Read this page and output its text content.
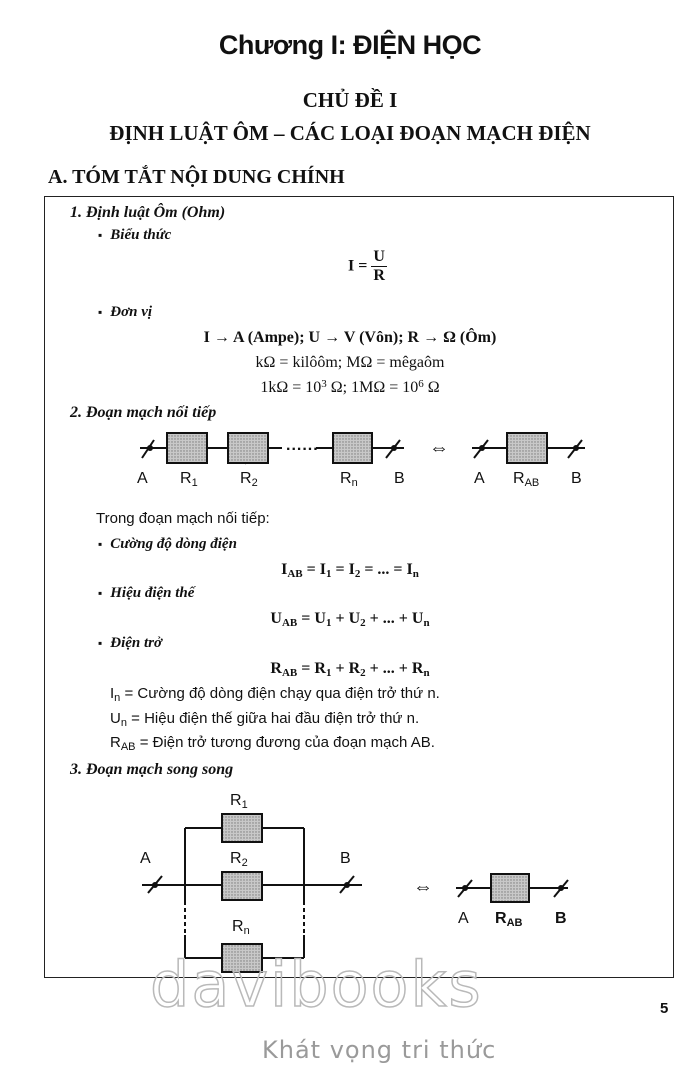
Chương I: ĐIỆN HỌC
CHỦ ĐỀ I
ĐỊNH LUẬT ÔM – CÁC LOẠI ĐOẠN MẠCH ĐIỆN
A. TÓM TẮT NỘI DUNG CHÍNH
1. Định luật Ôm (Ohm)
▪ Biểu thức
$I = \frac{U}{R}$
▪ Đơn vị
I → A (Ampe); U → V (Vôn); R → Ω (Ôm)
kΩ = kilôôm; MΩ = mêgaôm
$1k\Omega = 10^3$ Ω; $1M\Omega = 10^6$ Ω
2. Đoạn mạch nối tiếp
A $R_1$	$R_2$
......
$R_n$ B
⇔
A $R_{AB}$ B
Trong đoạn mạch nối tiếp:
▪ Cường độ dòng điện
$I_{AB} = I_1 = I_2$ = ... = $I_n$
▪ Hiệu điện thế
$U_{AB} = U_1 + U_2$ + ... + $U_n$
▪ Điện trở
$R_{AB} = R_1 + R_2$ + ... + $R_n$
$I_n$ = Cường độ dòng điện chạy qua điện trở thứ n.
$U_n$ = Hiệu điện thế giữa hai đầu điện trở thứ n.
$R_{AB}$ = Điện trở tương đương của đoạn mạch AB.
3. Đoạn mạch song song
$R_1$
$R_2$
$R_n$
A	B
⇔
A $R_{AB}$ B
davibooks	5
Khát vọng tri thức
